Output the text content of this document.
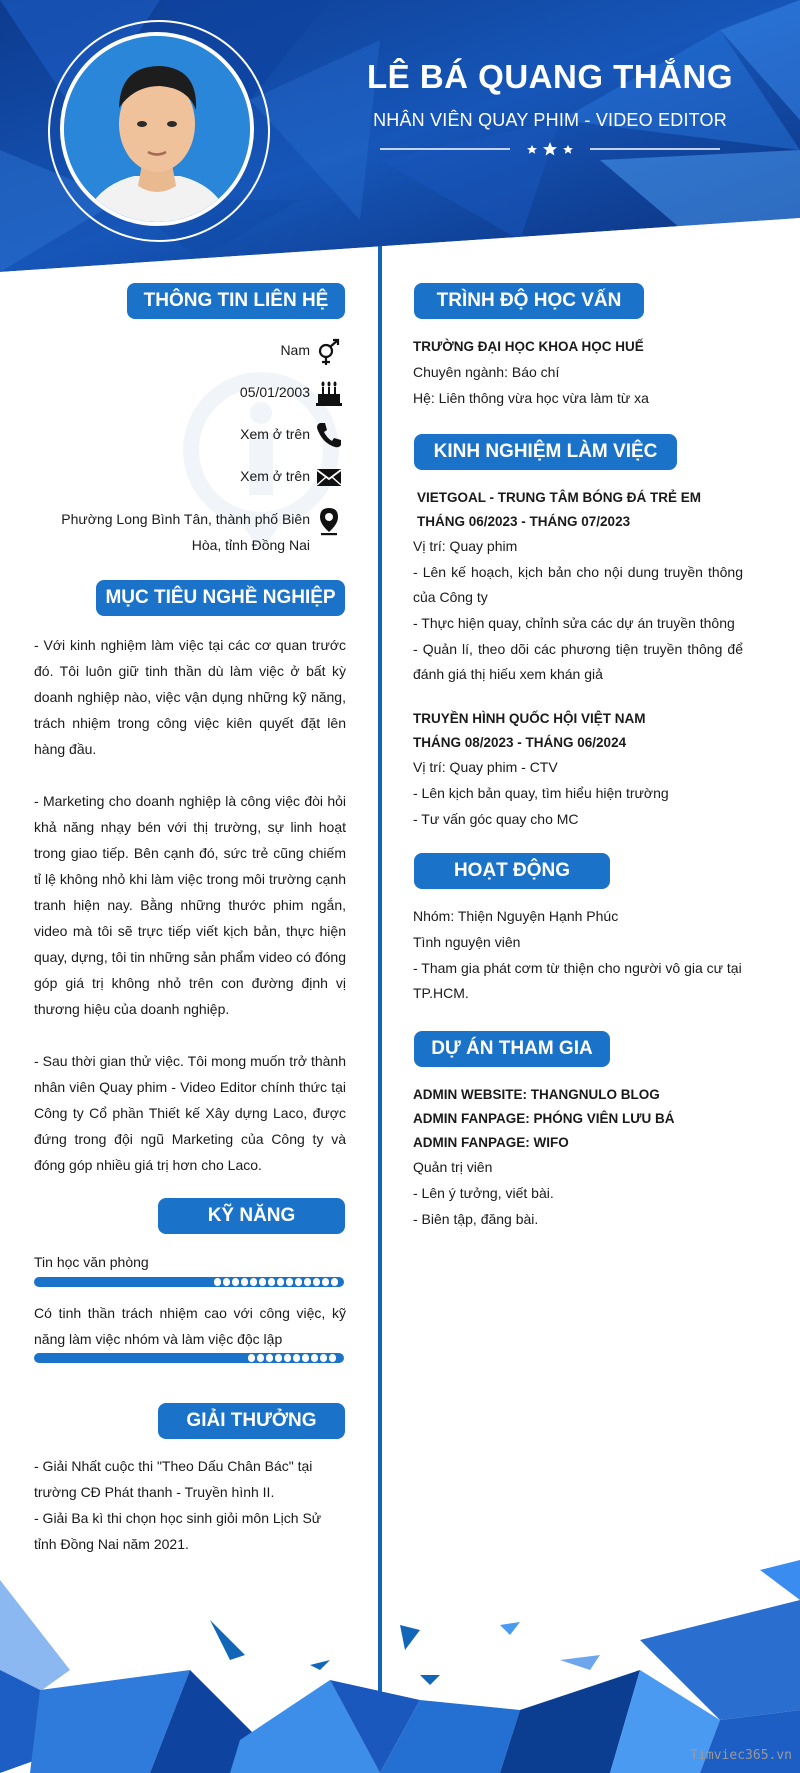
LÊ BÁ QUANG THẮNG
NHÂN VIÊN QUAY PHIM - VIDEO EDITOR
THÔNG TIN LIÊN HỆ
Nam
05/01/2003
Xem ở trên
Xem ở trên
Phường Long Bình Tân, thành phố Biên Hòa, tỉnh Đồng Nai
MỤC TIÊU NGHỀ NGHIỆP
- Với kinh nghiệm làm việc tại các cơ quan trước đó. Tôi luôn giữ tinh thần dù làm việc ở bất kỳ doanh nghiệp nào, việc vận dụng những kỹ năng, trách nhiệm trong công việc kiên quyết đặt lên hàng đầu.
- Marketing cho doanh nghiệp là công việc đòi hỏi khả năng nhạy bén với thị trường, sự linh hoạt trong giao tiếp. Bên cạnh đó, sức trẻ cũng chiếm tỉ lệ không nhỏ khi làm việc trong môi trường cạnh tranh hiện nay. Bằng những thước phim ngắn, video mà tôi sẽ trực tiếp viết kịch bản, thực hiện quay, dựng, tôi tin những sản phẩm video có đóng góp giá trị không nhỏ trên con đường định vị thương hiệu của doanh nghiệp.
- Sau thời gian thử việc. Tôi mong muốn trở thành nhân viên Quay phim - Video Editor chính thức tại Công ty Cổ phần Thiết kế Xây dựng Laco, được đứng trong đội ngũ Marketing của Công ty và đóng góp nhiều giá trị hơn cho Laco.
KỸ NĂNG
Tin học văn phòng
Có tinh thần trách nhiệm cao với công việc, kỹ năng làm việc nhóm và làm việc độc lập
GIẢI THƯỞNG
- Giải Nhất cuộc thi "Theo Dấu Chân Bác" tại trường CĐ Phát thanh - Truyền hình II.
- Giải Ba kì thi chọn học sinh giỏi môn Lịch Sử tỉnh Đồng Nai năm 2021.
TRÌNH ĐỘ HỌC VẤN
TRƯỜNG ĐẠI HỌC KHOA HỌC HUẾ
Chuyên ngành: Báo chí
Hệ: Liên thông vừa học vừa làm từ xa
KINH NGHIỆM LÀM VIỆC
VIETGOAL - TRUNG TÂM BÓNG ĐÁ TRẺ EM
THÁNG 06/2023 - THÁNG 07/2023
Vị trí: Quay phim
- Lên kế hoạch, kịch bản cho nội dung truyền thông của Công ty
- Thực hiện quay, chỉnh sửa các dự án truyền thông
- Quản lí, theo dõi các phương tiện truyền thông để đánh giá thị hiếu xem khán giả
TRUYỀN HÌNH QUỐC HỘI VIỆT NAM
THÁNG 08/2023 - THÁNG 06/2024
Vị trí: Quay phim - CTV
- Lên kịch bản quay, tìm hiểu hiện trường
- Tư vấn góc quay cho MC
HOẠT ĐỘNG
Nhóm: Thiện Nguyện Hạnh Phúc
Tình nguyện viên
- Tham gia phát cơm từ thiện cho người vô gia cư tại TP.HCM.
DỰ ÁN THAM GIA
ADMIN WEBSITE: THANGNULO BLOG
ADMIN FANPAGE: PHÓNG VIÊN LƯU BÁ
ADMIN FANPAGE: WIFO
Quản trị viên
- Lên ý tưởng, viết bài.
- Biên tập, đăng bài.
Timviec365.vn
